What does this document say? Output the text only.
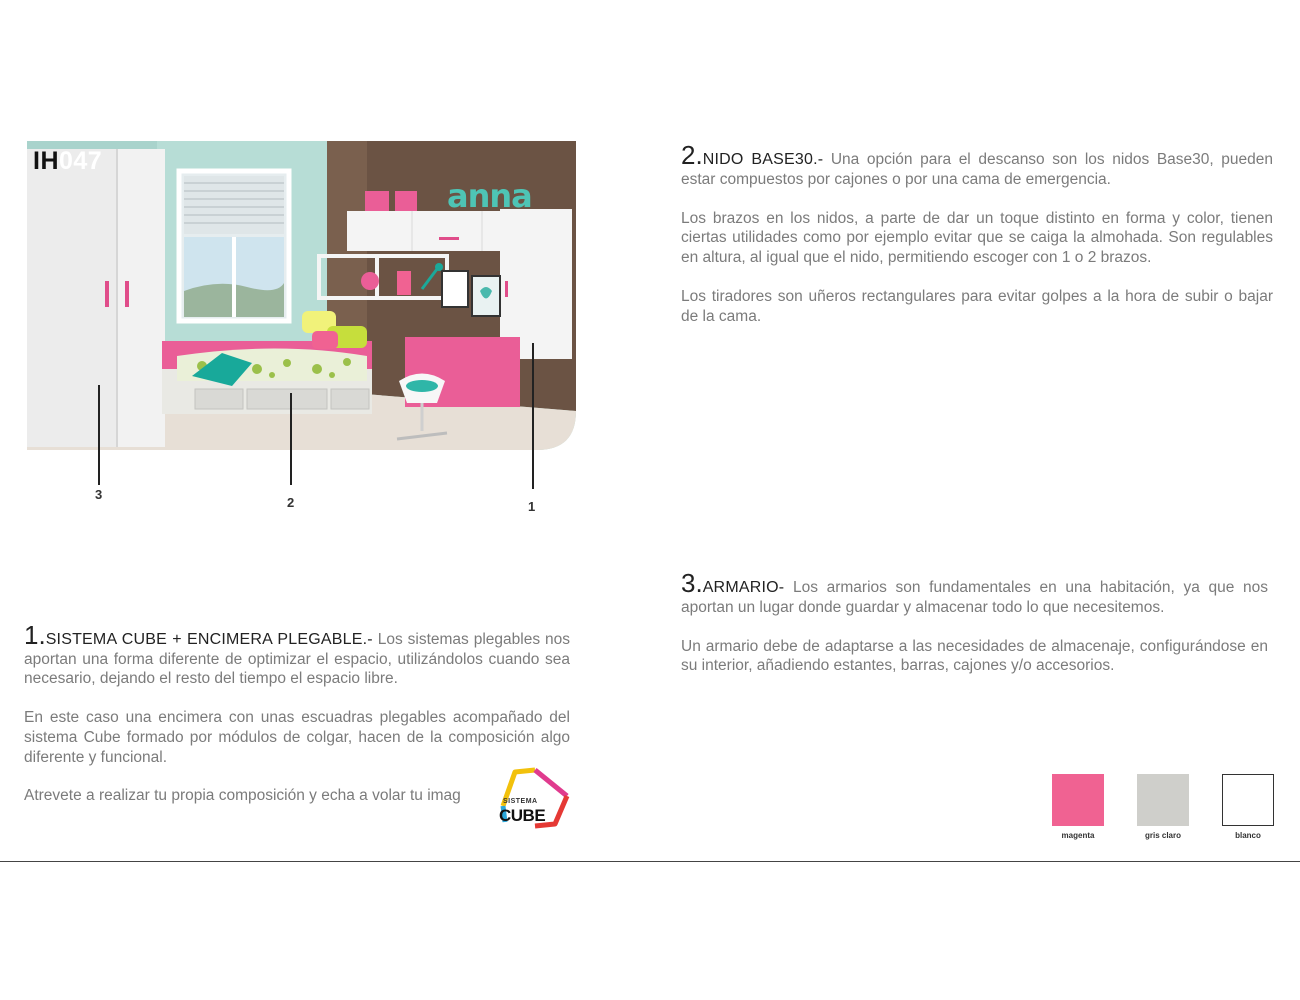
anna
IH047
3
2	1

2.NIDO BASE30.- Una opción para el descanso son los nidos Base30, pueden estar compuestos por cajones o por una cama de emergencia.

Los brazos en los nidos, a parte de dar un toque distinto en forma y color, tienen ciertas utilidades como por ejemplo evitar que se caiga la almohada. Son regulables en altura, al igual que el nido, permitiendo escoger con 1 o 2 brazos.

Los tiradores son uñeros rectangulares para evitar golpes a la hora de subir o bajar de la cama.

3.ARMARIO- Los armarios son fundamentales en una habitación, ya que nos aportan un lugar donde guardar y almacenar todo lo que necesitemos.

Un armario debe de adaptarse a las necesidades de almacenaje, configurándose en su interior, añadiendo estantes, barras, cajones y/o accesorios.

1.SISTEMA CUBE + ENCIMERA PLEGABLE.- Los sistemas plegables nos aportan una forma diferente de optimizar el espacio, utilizándolos cuando sea necesario, dejando el resto del tiempo el espacio libre.

En este caso una encimera con unas escuadras plegables acompañado del sistema Cube formado por módulos de colgar, hacen de la composición algo diferente y funcional.

Atrevete a realizar tu propia composición y echa a volar tu imag	SISTEMA
CUBE
magenta	gris claro	blanco
